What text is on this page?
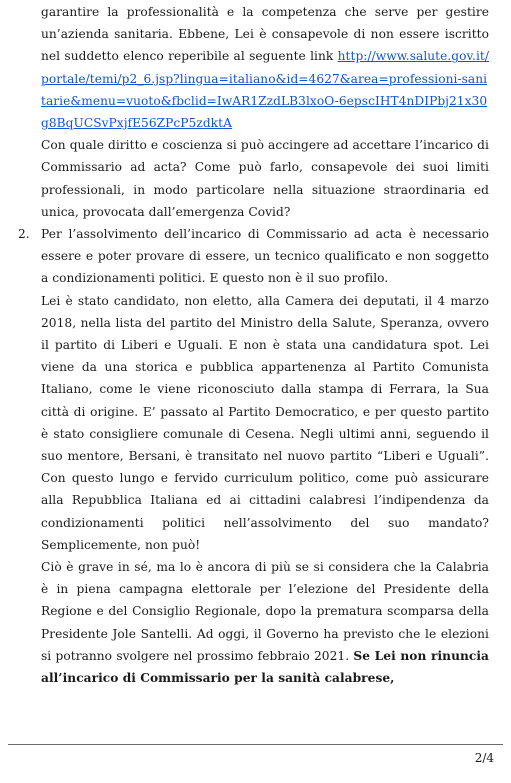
garantire la professionalità e la competenza che serve per gestire un’azienda sanitaria. Ebbene, Lei è consapevole di non essere iscritto nel suddetto elenco reperibile al seguente link http://www.salute.gov.it/portale/temi/p2_6.jsp?lingua=italiano&id=4627&area=professioni-sanitarie&menu=vuoto&fbclid=IwAR1ZzdLB3lxoO-6epscIHT4nDIPbj21x30g8BqUCSvPxjfE56ZPcP5zdktA

Con quale diritto e coscienza si può accingere ad accettare l’incarico di Commissario ad acta? Come può farlo, consapevole dei suoi limiti professionali, in modo particolare nella situazione straordinaria ed unica, provocata dall’emergenza Covid?

2. Per l’assolvimento dell’incarico di Commissario ad acta è necessario essere e poter provare di essere, un tecnico qualificato e non soggetto a condizionamenti politici. E questo non è il suo profilo.

Lei è stato candidato, non eletto, alla Camera dei deputati, il 4 marzo 2018, nella lista del partito del Ministro della Salute, Speranza, ovvero il partito di Liberi e Uguali. E non è stata una candidatura spot. Lei viene da una storica e pubblica appartenenza al Partito Comunista Italiano, come le viene riconosciuto dalla stampa di Ferrara, la Sua città di origine. E’ passato al Partito Democratico, e per questo partito è stato consigliere comunale di Cesena. Negli ultimi anni, seguendo il suo mentore, Bersani, è transitato nel nuovo partito “Liberi e Uguali”. Con questo lungo e fervido curriculum politico, come può assicurare alla Repubblica Italiana ed ai cittadini calabresi l’indipendenza da condizionamenti politici nell’assolvimento del suo mandato? Semplicemente, non può!

Ciò è grave in sé, ma lo è ancora di più se si considera che la Calabria è in piena campagna elettorale per l’elezione del Presidente della Regione e del Consiglio Regionale, dopo la prematura scomparsa della Presidente Jole Santelli. Ad oggi, il Governo ha previsto che le elezioni si potranno svolgere nel prossimo febbraio 2021. Se Lei non rinuncia all’incarico di Commissario per la sanità calabrese,

2/4
